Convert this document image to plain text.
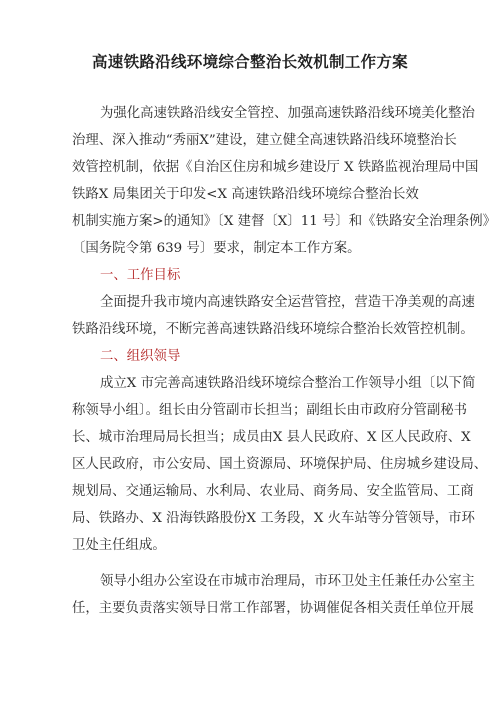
高速铁路沿线环境综合整治长效机制工作方案
为强化高速铁路沿线安全管控、加强高速铁路沿线环境美化整治
治理、深入推动“秀丽X”建设，建立健全高速铁路沿线环境整治长
效管控机制，依据《自治区住房和城乡建设厅 X 铁路监视治理局中国
铁路X 局集团关于印发<X 高速铁路沿线环境综合整治长效
机制实施方案>的通知》〔X 建督〔X〕11 号〕和《铁路安全治理条例》
〔国务院令第 639 号〕要求，制定本工作方案。
一、工作目标
全面提升我市境内高速铁路安全运营管控，营造干净美观的高速
铁路沿线环境，不断完善高速铁路沿线环境综合整治长效管控机制。
二、组织领导
成立X 市完善高速铁路沿线环境综合整治工作领导小组〔以下简
称领导小组〕。组长由分管副市长担当；副组长由市政府分管副秘书
长、城市治理局局长担当；成员由X 县人民政府、X 区人民政府、X
区人民政府，市公安局、国土资源局、环境保护局、住房城乡建设局、
规划局、交通运输局、水利局、农业局、商务局、安全监管局、工商
局、铁路办、X 沿海铁路股份X 工务段，X 火车站等分管领导，市环
卫处主任组成。
领导小组办公室设在市城市治理局，市环卫处主任兼任办公室主
任，主要负责落实领导日常工作部署，协调催促各相关责任单位开展
